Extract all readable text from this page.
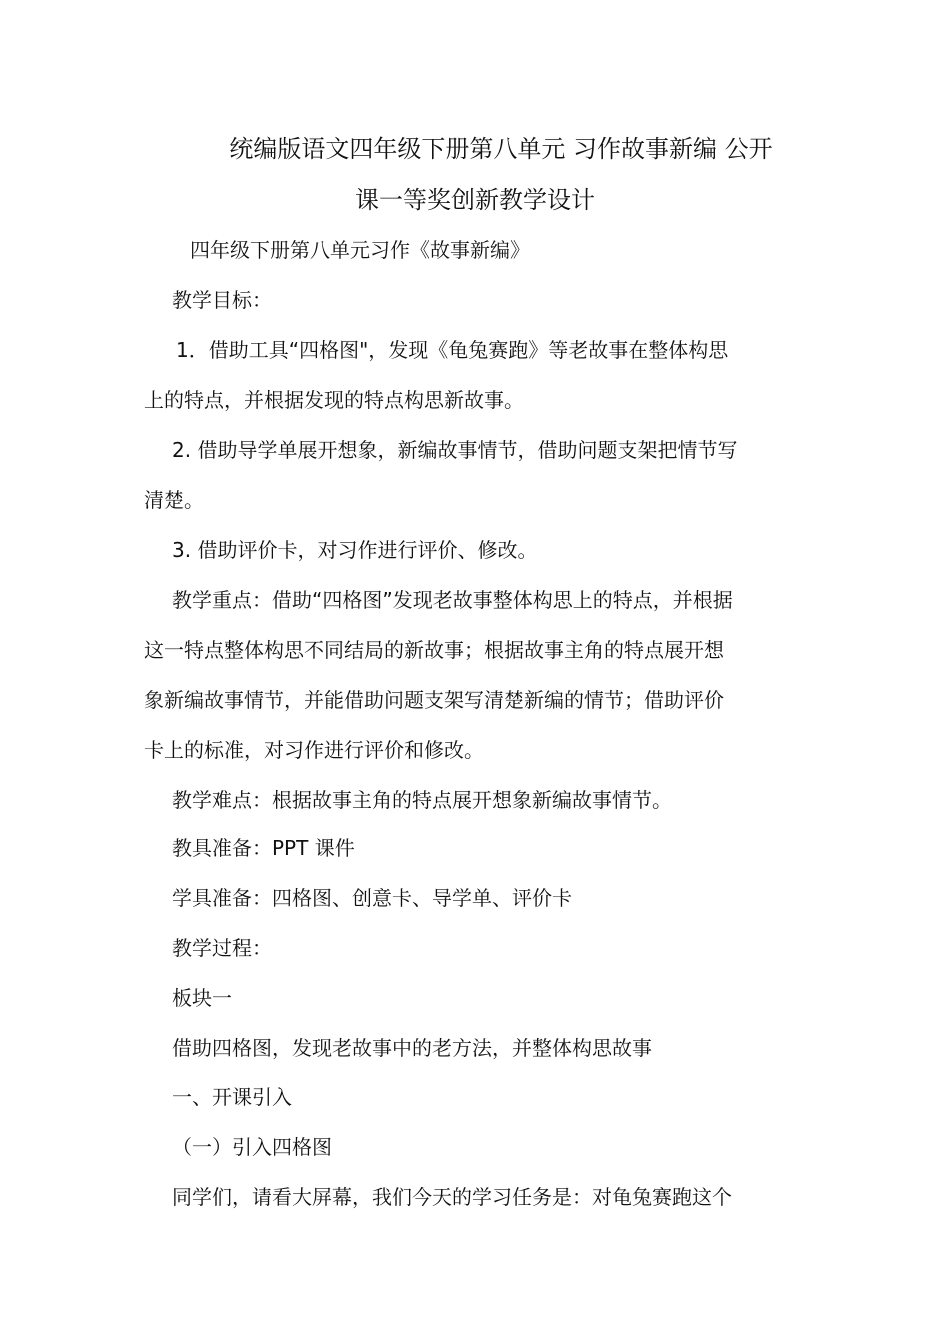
统编版语文四年级下册第八单元 习作故事新编 公开
课一等奖创新教学设计
四年级下册第八单元习作《故事新编》
教学目标：
1．借助工具“四格图"，发现《龟兔赛跑》等老故事在整体构思
上的特点，并根据发现的特点构思新故事。
2. 借助导学单展开想象，新编故事情节，借助问题支架把情节写
清楚。
3. 借助评价卡，对习作进行评价、修改。
教学重点：借助“四格图”发现老故事整体构思上的特点，并根据
这一特点整体构思不同结局的新故事；根据故事主角的特点展开想
象新编故事情节，并能借助问题支架写清楚新编的情节；借助评价
卡上的标准，对习作进行评价和修改。
教学难点：根据故事主角的特点展开想象新编故事情节。
教具准备：PPT 课件
学具准备：四格图、创意卡、导学单、评价卡
教学过程：
板块一
借助四格图，发现老故事中的老方法，并整体构思故事
一、开课引入
（一）引入四格图
同学们，请看大屏幕，我们今天的学习任务是：对龟兔赛跑这个
